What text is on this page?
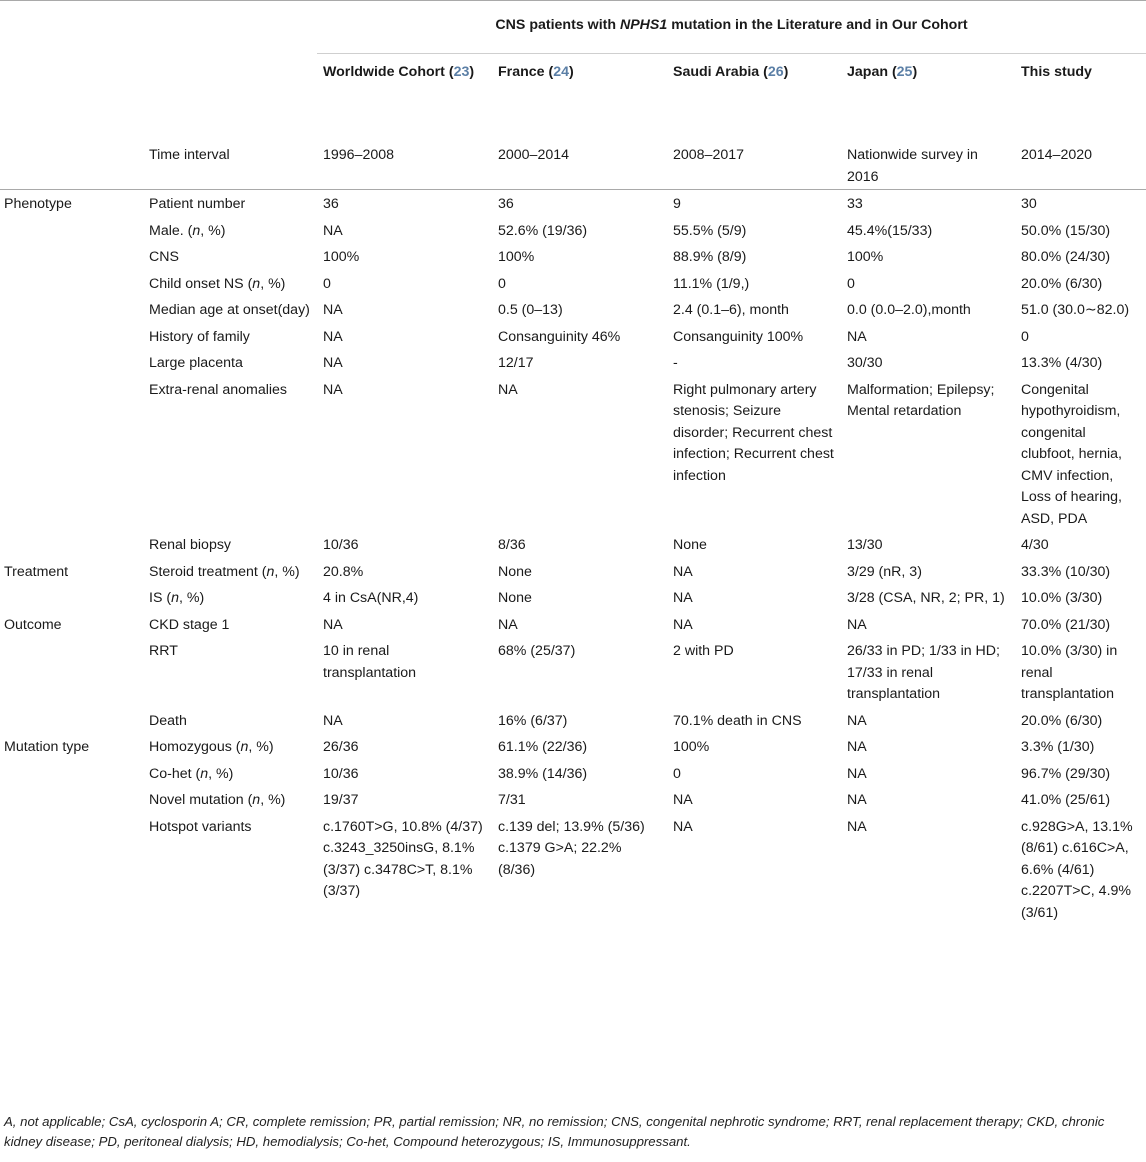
		CNS patients with NPHS1 mutation in the Literature and in Our Cohort				
		Worldwide Cohort (23)	France (24)	Saudi Arabia (26)	Japan (25)	This study
	Time interval	1996–2008	2000–2014	2008–2017	Nationwide survey in 2016	2014–2020
Phenotype	Patient number	36	36	9	33	30
	Male. (n, %)	NA	52.6% (19/36)	55.5% (5/9)	45.4%(15/33)	50.0% (15/30)
	CNS	100%	100%	88.9% (8/9)	100%	80.0% (24/30)
	Child onset NS (n, %)	0	0	11.1% (1/9,)	0	20.0% (6/30)
	Median age at onset(day)	NA	0.5 (0–13)	2.4 (0.1–6), month	0.0 (0.0–2.0),month	51.0 (30.0∼82.0)
	History of family	NA	Consanguinity 46%	Consanguinity 100%	NA	0
	Large placenta	NA	12/17	-	30/30	13.3% (4/30)
	Extra-renal anomalies	NA	NA	Right pulmonary artery stenosis; Seizure disorder; Recurrent chest infection; Recurrent chest infection	Malformation; Epilepsy; Mental retardation	Congenital hypothyroidism, congenital clubfoot, hernia, CMV infection, Loss of hearing, ASD, PDA
	Renal biopsy	10/36	8/36	None	13/30	4/30
Treatment	Steroid treatment (n, %)	20.8%	None	NA	3/29 (nR, 3)	33.3% (10/30)
	IS (n, %)	4 in CsA(NR,4)	None	NA	3/28 (CSA, NR, 2; PR, 1)	10.0% (3/30)
Outcome	CKD stage 1	NA	NA	NA	NA	70.0% (21/30)
	RRT	10 in renal transplantation	68% (25/37)	2 with PD	26/33 in PD; 1/33 in HD; 17/33 in renal transplantation	10.0% (3/30) in renal transplantation
	Death	NA	16% (6/37)	70.1% death in CNS	NA	20.0% (6/30)
Mutation type	Homozygous (n, %)	26/36	61.1% (22/36)	100%	NA	3.3% (1/30)
	Co-het (n, %)	10/36	38.9% (14/36)	0	NA	96.7% (29/30)
	Novel mutation (n, %)	19/37	7/31	NA	NA	41.0% (25/61)
	Hotspot variants	c.1760T>G, 10.8% (4/37) c.3243_3250insG, 8.1% (3/37) c.3478C>T, 8.1% (3/37)	c.139 del; 13.9% (5/36) c.1379 G>A; 22.2% (8/36)	NA	NA	c.928G>A, 13.1% (8/61) c.616C>A, 6.6% (4/61) c.2207T>C, 4.9% (3/61)
A, not applicable; CsA, cyclosporin A; CR, complete remission; PR, partial remission; NR, no remission; CNS, congenital nephrotic syndrome; RRT, renal replacement therapy; CKD, chronic kidney disease; PD, peritoneal dialysis; HD, hemodialysis; Co-het, Compound heterozygous; IS, Immunosuppressant.
